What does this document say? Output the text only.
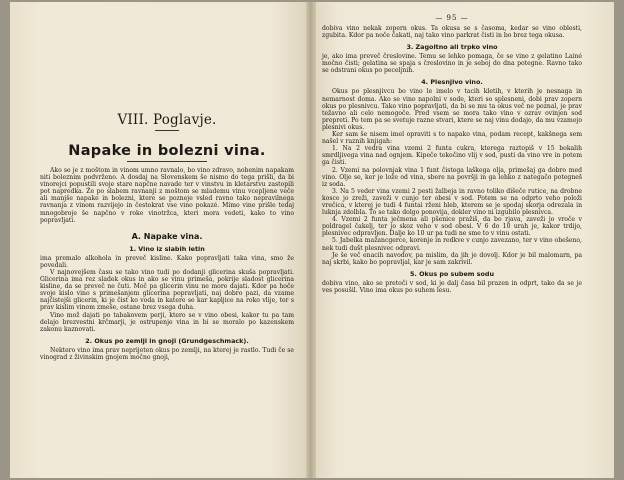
VIII. Poglavje.
Napake in bolezni vina.

Ako se je z moštom in vinom umno ravnalo, bo vino zdravo, nobenim napakam niti boleznim podvrženo. A dosdaj na Slovenskem še nismo do tega prišli, da bi vinorejci popustili svoje stare napčne navade ter v vinstvu in kletarstvu zastopili pot napredka. Že po slabem ravnanji z moštom se mlademu vinu vcepljene veče ali manjše napake in bolezni, ktere se pozneje vsled ravno tako nepravilnega ravnanja z vinom razvijejo in čestokrat vse vino pokazé. Mimo vine prišle tedaj mnogobroje še napčno v roke vinotržca, kteri mora vedeti, kako to vino popravljati.

A. Napake vina.
1. Vino iz slabih letin

ima premalo alkohola in preveč kisline. Kako popravljati taka vina, smo že povedali.

V najnovejšem času se tako vino tudi po dodanji glicerina skuša popravljati. Glicerina ima rez sladek okus in ako se vinu primeša, pokrije sladost glicerina kisline, da se preveč ne čuti. Moč pa glicerin vinu ne more dajati. Kdor pa hoče svoje kislo vino s primešanjem glicerina popravljati, naj dobro pazi, da vzame najčistejši glicerin, ki je čist ko voda in katere se kar kapljice na roko vlije, ter s prav kislim vinom zmeše, ostane brez vsega duha.

Vino mož dajati po tabakovem perji, ktero se v vino obesi, kakor tu pa tam delajo brezvestni krčmarji, je ostrupenje vina in bi se moralo po kazenskem zakonu kaznovati.

2. Okus po zemlji in gnoji (Grundgeschmack).

Nektero vino ima prav neprijeten okus po zemlji, na kterej je rastlo. Tudi če se vinograd z živinskim gnojem močno gnoji,

— 95 —

dobiva vino nekak zopern okus. Ta okusa se s časoma, kedar se vino oblesti, zgubita. Kdor pa noče čakati, naj tako vino parkrat čisti in bo brez tega okusa.

3. Zagoltno ali trpko vino

je, ako ima preveč čreslovine. Temu se lehko pomaga, če se vino z gelatino Lainé močno čisti; gelatina se spaja s čreslovino in je seboj do dna potegne. Ravno tako se odstrani okus po peceljnih.

4. Plesnjivo vino.

Okus po plesnjivcu bo vino le imelo v tacih kletih, v kterih je nesnaga in nemarnost doma. Ako se vino napolni v sode, kteri so splesneni, dobi prav zopern okus po plesnivcu. Tako vino popravljati, da bi se mu ta okus več ne poznal, je prav težavno ali celo nemogoče. Pred vsem se mora tako vino v ozrav ovinjen sod prepreti. Po tem pa se svetuje razne stvari, ktere se naj vinu dodajo, da mu vzamejo plesnivi okus.

Ker sam še nisem imel opraviti s to napako vina, podam recept, kakšnega sem našel v raznih knjigah:

1. Na 2 vedra vina vzemi 2 funta cukra, kterega raztopiš v 15 bokalih smrdljivega vina nad ognjem. Kipeče tekočino vlij v sod, pusti da vino vre in potem ga čisti.

2. Vzemi na polovnjak vina 1 funt čistega laškega olja, primešaj ga dobro med vino. Olje se, ker je lože od vina, sbere na površji in ga lehko z nategačo potegneš iz soda.

3. Na 5 veder vina vzemi 2 pesti žalbeja in ravno toliko dišeče rutice, na drobne kosce jo zreži, zaveži v cunjo ter obesi v sod. Potem se na odprto veho položi vrečica, v kterej je tudi 4 funtai rženi hleb, kterem se je spodaj skorja odrezala in luknja zdolbla. To se tako dolgo ponovija, dokler vino ni izgubilo plesnivca.

4. Vzemi 2 funta ječmena ali pšenice pražiš, da bo rjava, zaveži jo vroče v poldragel čakelj, ter jo skoz veho v sod obesi. V 6 do 10 urah je, kakor trdijo, plesnivec odpravljen. Dalje ko 10 ur pa tudi ne sme to v vinu ostati.

5. Jabelka mažancgerce, korenje in redkve v cunjo zavezano, ter v vino obešeno, nek tudi dušt plesnivec odpravi.

Je še več enacih navodov, pa mislim, da jih je dovolj. Kdor je bil malomarn, pa naj skrbi, kako bo popravljal, kar je sam zakrivil.

5. Okus po subem sodu

dobiva vino, ako se pretoči v sod, ki je dalj časa bil prazen in odprt, tako da se je ves posušil. Vino ima okus po suhem lesu.
